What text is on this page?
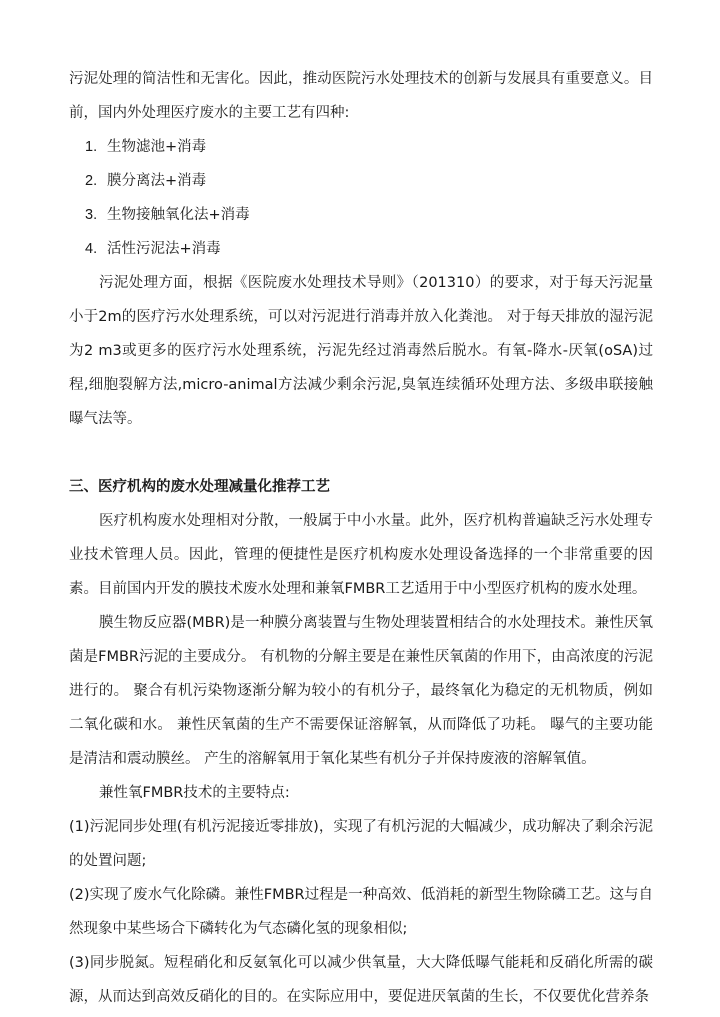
污泥处理的简洁性和无害化。因此，推动医院污水处理技术的创新与发展具有重要意义。目前，国内外处理医疗废水的主要工艺有四种:

1. 生物滤池+消毒
2. 膜分离法+消毒
3. 生物接触氧化法+消毒
4. 活性污泥法+消毒

污泥处理方面，根据《医院废水处理技术导则》（201310）的要求，对于每天污泥量小于2m的医疗污水处理系统，可以对污泥进行消毒并放入化粪池。 对于每天排放的湿污泥为2 m3或更多的医疗污水处理系统，污泥先经过消毒然后脱水。有氧-降水-厌氧(oSA)过程,细胞裂解方法,micro-animal方法减少剩余污泥,臭氧连续循环处理方法、多级串联接触曝气法等。

三、医疗机构的废水处理减量化推荐工艺

医疗机构废水处理相对分散，一般属于中小水量。此外，医疗机构普遍缺乏污水处理专业技术管理人员。因此，管理的便捷性是医疗机构废水处理设备选择的一个非常重要的因素。目前国内开发的膜技术废水处理和兼氧FMBR工艺适用于中小型医疗机构的废水处理。

膜生物反应器(MBR)是一种膜分离装置与生物处理装置相结合的水处理技术。兼性厌氧菌是FMBR污泥的主要成分。 有机物的分解主要是在兼性厌氧菌的作用下，由高浓度的污泥进行的。 聚合有机污染物逐渐分解为较小的有机分子，最终氧化为稳定的无机物质，例如二氧化碳和水。 兼性厌氧菌的生产不需要保证溶解氧，从而降低了功耗。 曝气的主要功能是清洁和震动膜丝。 产生的溶解氧用于氧化某些有机分子并保持废液的溶解氧值。

兼性氧FMBR技术的主要特点:

(1)污泥同步处理(有机污泥接近零排放)，实现了有机污泥的大幅减少，成功解决了剩余污泥的处置问题;

(2)实现了废水气化除磷。兼性FMBR过程是一种高效、低消耗的新型生物除磷工艺。这与自然现象中某些场合下磷转化为气态磷化氢的现象相似;

(3)同步脱氮。短程硝化和反氨氧化可以减少供氧量，大大降低曝气能耗和反硝化所需的碳源，从而达到高效反硝化的目的。在实际应用中，要促进厌氧菌的生长，不仅要优化营养条
